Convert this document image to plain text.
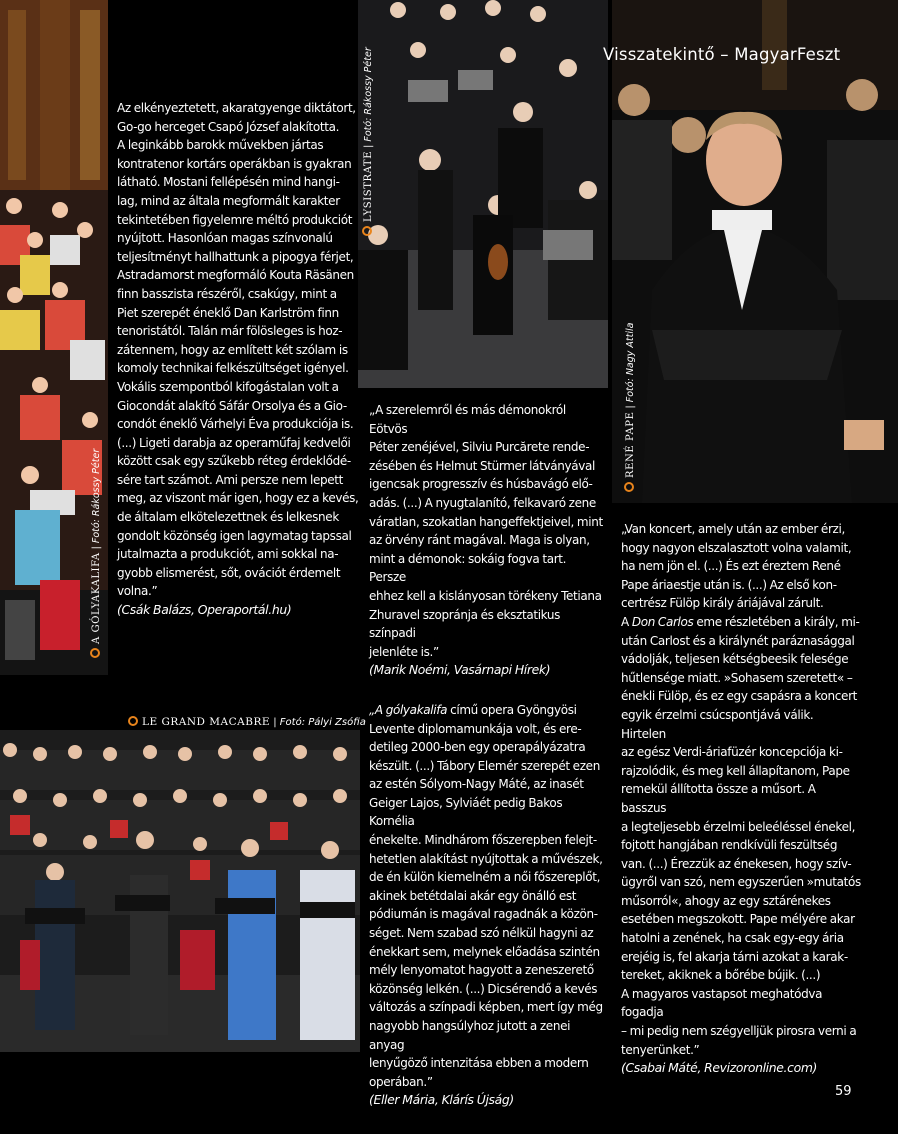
A GÓLYAKALIFA | Fotó: Rákossy Péter
LYSISTRATE | Fotó: Rákossy Péter
RENÉ PAPE | Fotó: Nagy Attila
LE GRAND MACABRE | Fotó: Pályi Zsófia
Visszatekintő – MagyarFeszt

Az elkényeztetett, akaratgyenge diktátort,

Go-go herceget Csapó József alakította.

A leginkább barokk művekben jártas

kontratenor kortárs operákban is gyakran

látható. Mostani fellépésén mind hangi-

lag, mind az általa megformált karakter

tekintetében figyelemre méltó produkciót

nyújtott. Hasonlóan magas színvonalú

teljesítményt hallhattunk a pipogya férjet,

Astradamorst megformáló Kouta Räsänen

finn basszista részéről, csakúgy, mint a

Piet szerepét éneklő Dan Karlström finn

tenoristától. Talán már fölösleges is hoz-

zátennem, hogy az említett két szólam is

komoly technikai felkészültséget igényel.

Vokális szempontból kifogástalan volt a

Giocondát alakító Sáfár Orsolya és a Gio-

condót éneklő Várhelyi Éva produkciója is.

(...) Ligeti darabja az operaműfaj kedvelői

között csak egy szűkebb réteg érdeklődé-

sére tart számot. Ami persze nem lepett

meg, az viszont már igen, hogy ez a kevés,

de általam elkötelezettnek és lelkesnek

gondolt közönség igen lagymatag tapssal

jutalmazta a produkciót, ami sokkal na-

gyobb elismerést, sőt, ovációt érdemelt

volna.”

(Csák Balázs, Operaportál.hu)

„A szerelemről és más démonokról Eötvös

Péter zenéjével, Silviu Purcărete rende-

zésében és Helmut Stürmer látványával

igencsak progresszív és húsbavágó elő-

adás. (...) A nyugtalanító, felkavaró zene

váratlan, szokatlan hangeffektjeivel, mint

az örvény ránt magával. Maga is olyan,

mint a démonok: sokáig fogva tart. Persze

ehhez kell a kislányosan törékeny Tetiana

Zhuravel szopránja és eksztatikus színpadi

jelenléte is.”

(Marik Noémi, Vasárnapi Hírek)

„A gólyakalifa című opera Gyöngyösi

Levente diplomamunkája volt, és ere-

detileg 2000-ben egy operapályázatra

készült. (...) Tábory Elemér szerepét ezen

az estén Sólyom-Nagy Máté, az inasét

Geiger Lajos, Sylviáét pedig Bakos Kornélia

énekelte. Mindhárom főszerepben felejt-

hetetlen alakítást nyújtottak a művészek,

de én külön kiemelném a női főszereplőt,

akinek betétdalai akár egy önálló est

pódiumán is magával ragadnák a közön-

séget. Nem szabad szó nélkül hagyni az

énekkart sem, melynek előadása szintén

mély lenyomatot hagyott a zeneszerető

közönség lelkén. (...) Dicsérendő a kevés

változás a színpadi képben, mert így még

nagyobb hangsúlyhoz jutott a zenei anyag

lenyűgöző intenzitása ebben a modern

operában.”

(Eller Mária, Klárís Újság)

„Van koncert, amely után az ember érzi,

hogy nagyon elszalasztott volna valamit,

ha nem jön el. (...) És ezt éreztem René

Pape áriaestje után is. (...) Az első kon-

certrész Fülöp király áriájával zárult.

A Don Carlos eme részletében a király, mi-

után Carlost és a királynét paráznasággal

vádolják, teljesen kétségbeesik felesége

hűtlensége miatt. »Sohasem szeretett« –

énekli Fülöp, és ez egy csapásra a koncert

egyik érzelmi csúcspontjává válik. Hirtelen

az egész Verdi-áriafüzér koncepciója ki-

rajzolódik, és meg kell állapítanom, Pape

remekül állította össze a műsort. A basszus

a legteljesebb érzelmi beleéléssel énekel,

fojtott hangjában rendkívüli feszültség

van. (...) Érezzük az énekesen, hogy szív-

ügyről van szó, nem egyszerűen »mutatós

műsorról«, ahogy az egy sztárénekes

esetében megszokott. Pape mélyére akar

hatolni a zenének, ha csak egy-egy ária

erejéig is, fel akarja tárni azokat a karak-

tereket, akiknek a bőrébe bújik. (...)

A magyaros vastapsot meghatódva fogadja

– mi pedig nem szégyelljük pirosra verni a

tenyerünket.”

(Csabai Máté, Revizoronline.com)

59
